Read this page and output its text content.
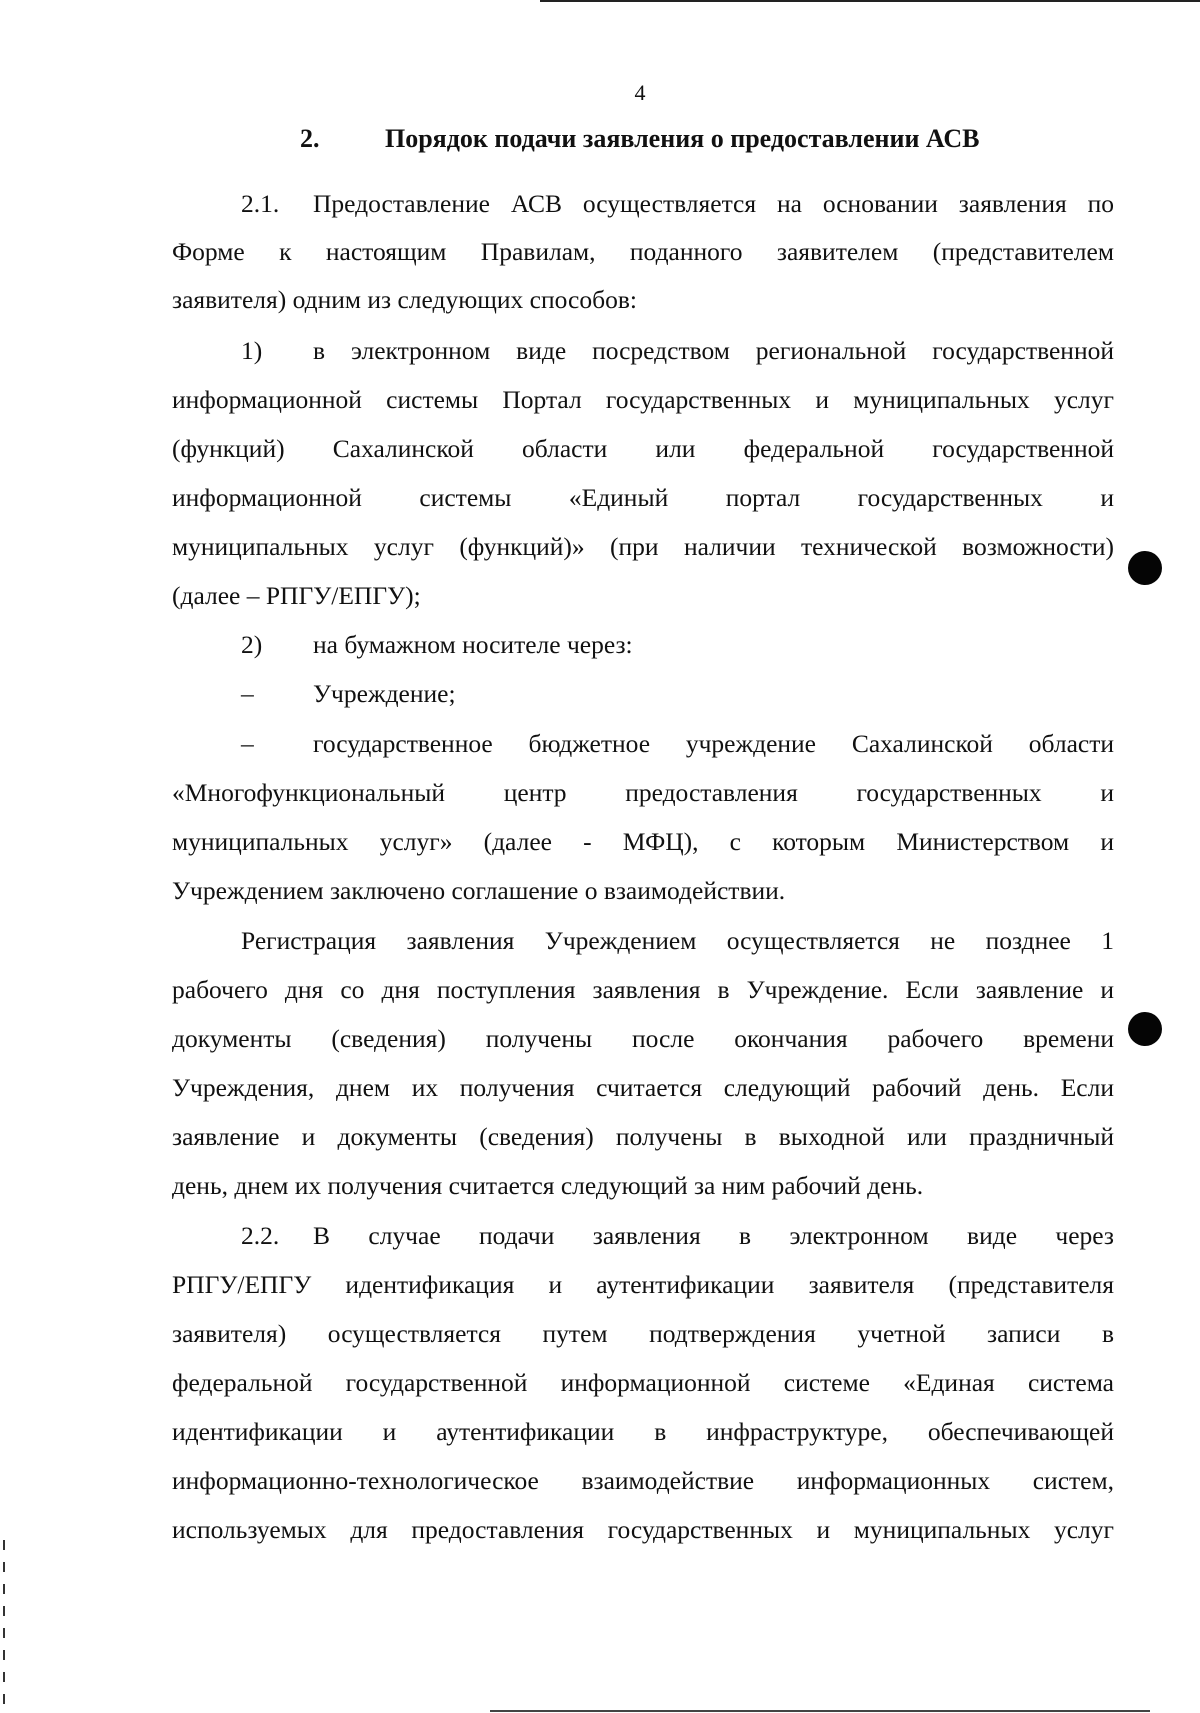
4
2.	Порядок подачи заявления о предоставлении АСВ
2.1.	Предоставление АСВ осуществляется на основании заявления по
Форме к настоящим Правилам, поданного заявителем (представителем
заявителя) одним из следующих способов:
1)	в электронном виде посредством региональной государственной
информационной системы Портал государственных и муниципальных услуг
(функций) Сахалинской области или федеральной государственной
информационной системы «Единый портал государственных и
муниципальных услуг (функций)» (при наличии технической возможности)
(далее – РПГУ/ЕПГУ);
2)	на бумажном носителе через:
–	Учреждение;
–	государственное бюджетное учреждение Сахалинской области
«Многофункциональный центр предоставления государственных и
муниципальных услуг» (далее - МФЦ), с которым Министерством и
Учреждением заключено соглашение о взаимодействии.
Регистрация заявления Учреждением осуществляется не позднее 1
рабочего дня со дня поступления заявления в Учреждение. Если заявление и
документы (сведения) получены после окончания рабочего времени
Учреждения, днем их получения считается следующий рабочий день. Если
заявление и документы (сведения) получены в выходной или праздничный
день, днем их получения считается следующий за ним рабочий день.
2.2.	В случае подачи заявления в электронном виде через
РПГУ/ЕПГУ идентификация и аутентификации заявителя (представителя
заявителя) осуществляется путем подтверждения учетной записи в
федеральной государственной информационной системе «Единая система
идентификации и аутентификации в инфраструктуре, обеспечивающей
информационно-технологическое взаимодействие информационных систем,
используемых для предоставления государственных и муниципальных услуг
